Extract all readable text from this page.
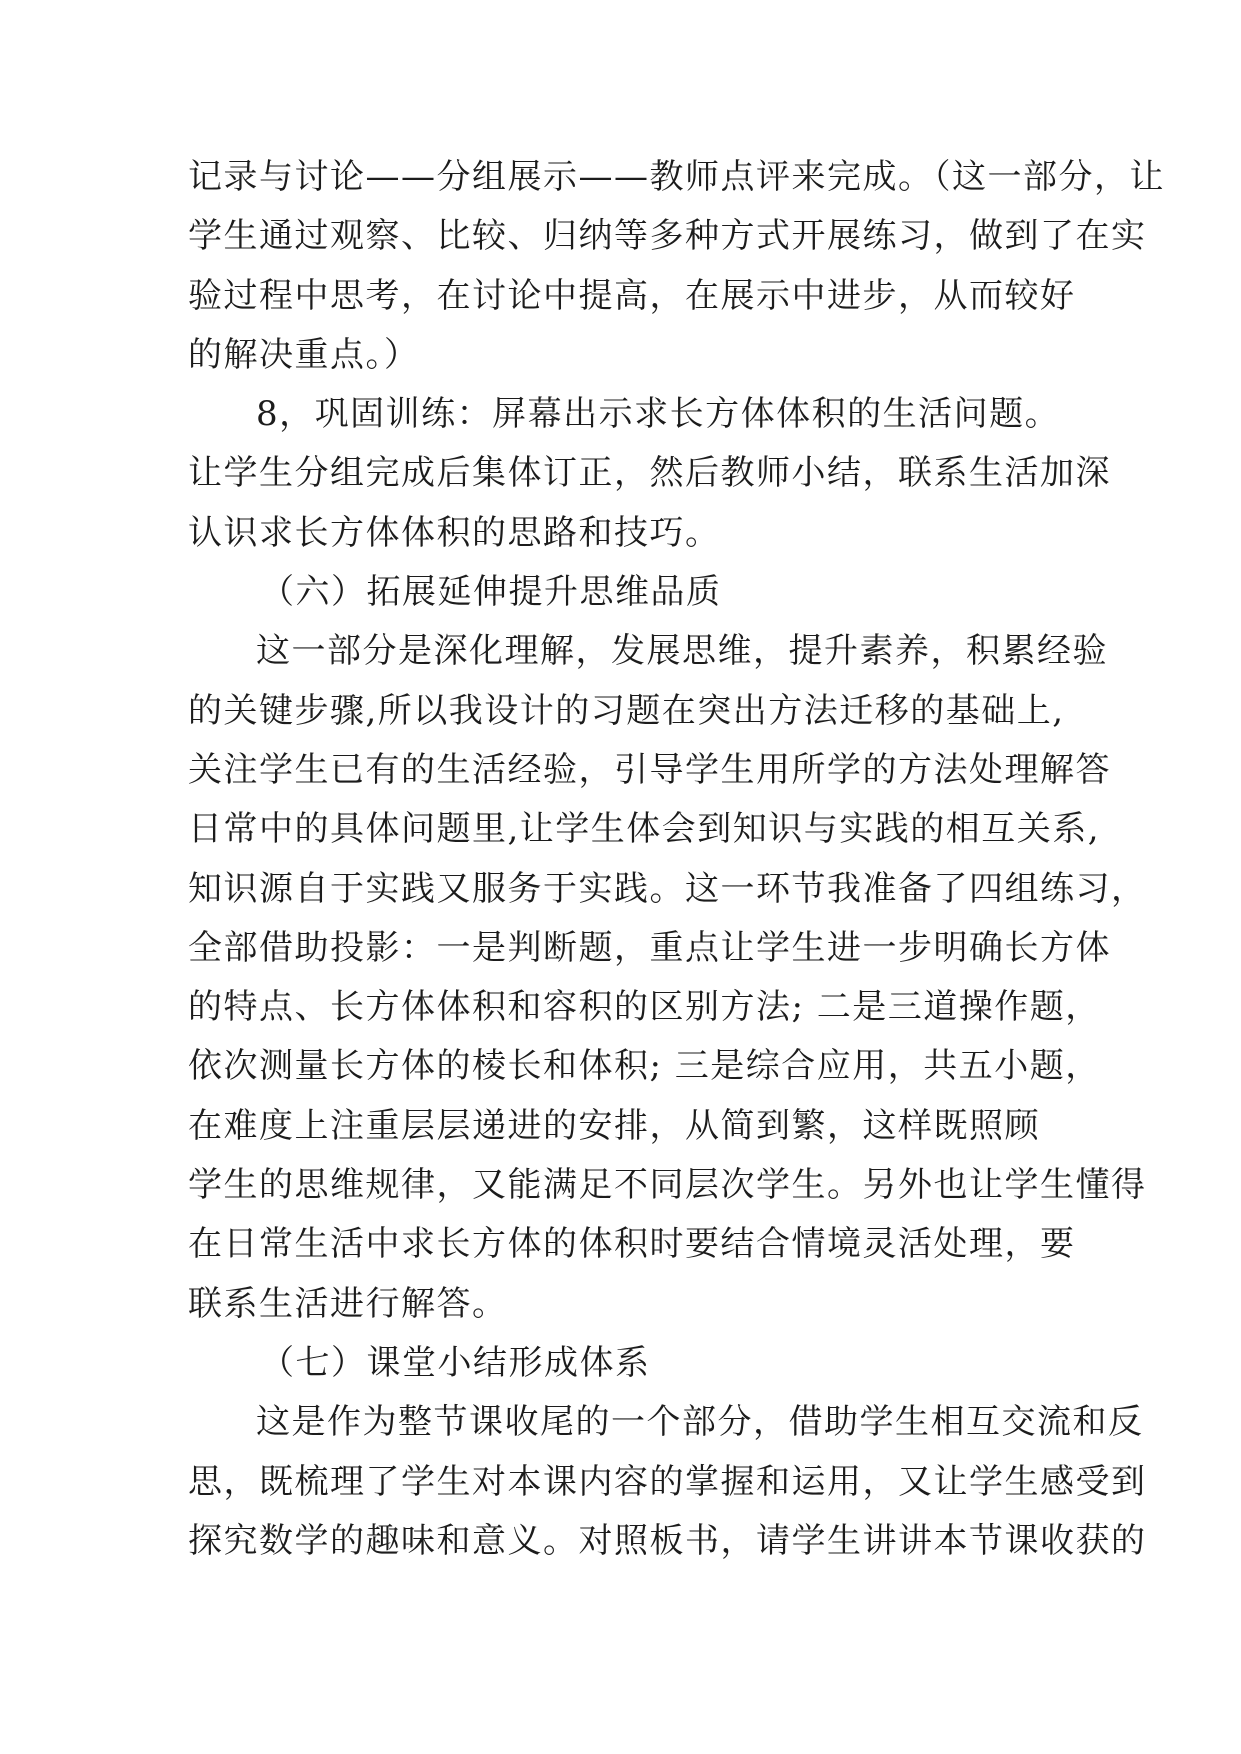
记录与讨论——分组展示——教师点评来完成。（这一部分，让
学生通过观察、比较、归纳等多种方式开展练习，做到了在实
验过程中思考，在讨论中提高，在展示中进步，从而较好
的解决重点。）
8，巩固训练：屏幕出示求长方体体积的生活问题。
让学生分组完成后集体订正，然后教师小结，联系生活加深
认识求长方体体积的思路和技巧。
（六）拓展延伸提升思维品质
这一部分是深化理解，发展思维，提升素养，积累经验
的关键步骤,所以我设计的习题在突出方法迁移的基础上,
关注学生已有的生活经验，引导学生用所学的方法处理解答
日常中的具体问题里,让学生体会到知识与实践的相互关系,
知识源自于实践又服务于实践。这一环节我准备了四组练习，
全部借助投影：一是判断题，重点让学生进一步明确长方体
的特点、长方体体积和容积的区别方法; 二是三道操作题，
依次测量长方体的棱长和体积; 三是综合应用，共五小题，
在难度上注重层层递进的安排，从简到繁，这样既照顾
学生的思维规律，又能满足不同层次学生。另外也让学生懂得
在日常生活中求长方体的体积时要结合情境灵活处理，要
联系生活进行解答。
（七）课堂小结形成体系
这是作为整节课收尾的一个部分，借助学生相互交流和反
思，既梳理了学生对本课内容的掌握和运用，又让学生感受到
探究数学的趣味和意义。对照板书，请学生讲讲本节课收获的
